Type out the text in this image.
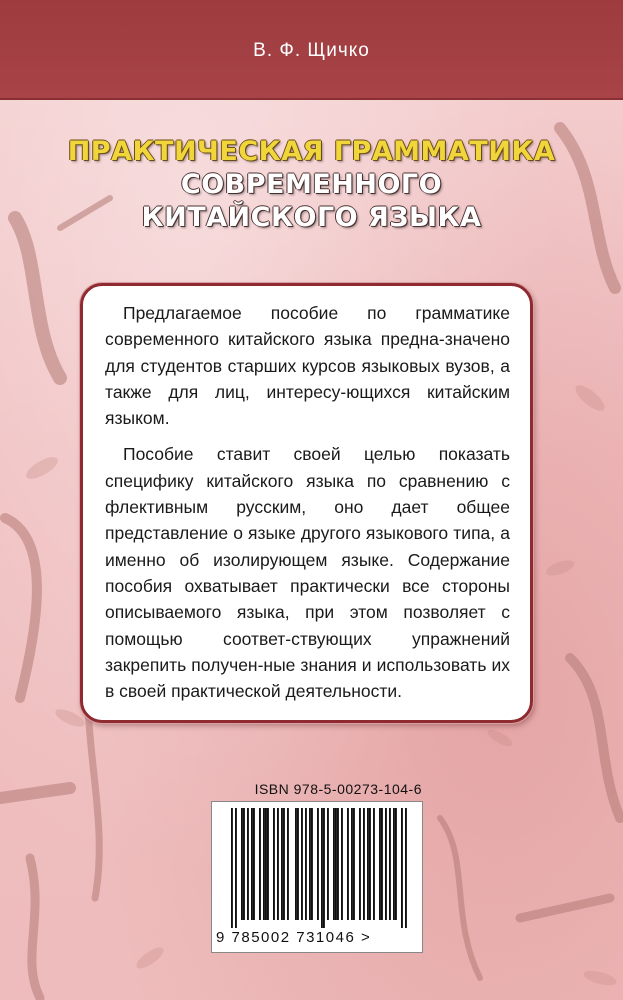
В. Ф. Щичко
ПРАКТИЧЕСКАЯ ГРАММАТИКА
СОВРЕМЕННОГО
КИТАЙСКОГО ЯЗЫКА

Предлагаемое пособие по грамматике современного китайского языка предна-значено для студентов старших курсов языковых вузов, а также для лиц, интересу-ющихся китайским языком.

Пособие ставит своей целью показать специфику китайского языка по сравнению с флективным русским, оно дает общее представление о языке другого языкового типа, а именно об изолирующем языке. Содержание пособия охватывает практически все стороны описываемого языка, при этом позволяет с помощью соответ-ствующих упражнений закрепить получен-ные знания и использовать их в своей практической деятельности.

ISBN 978-5-00273-104-6
9 785002 731046 >
